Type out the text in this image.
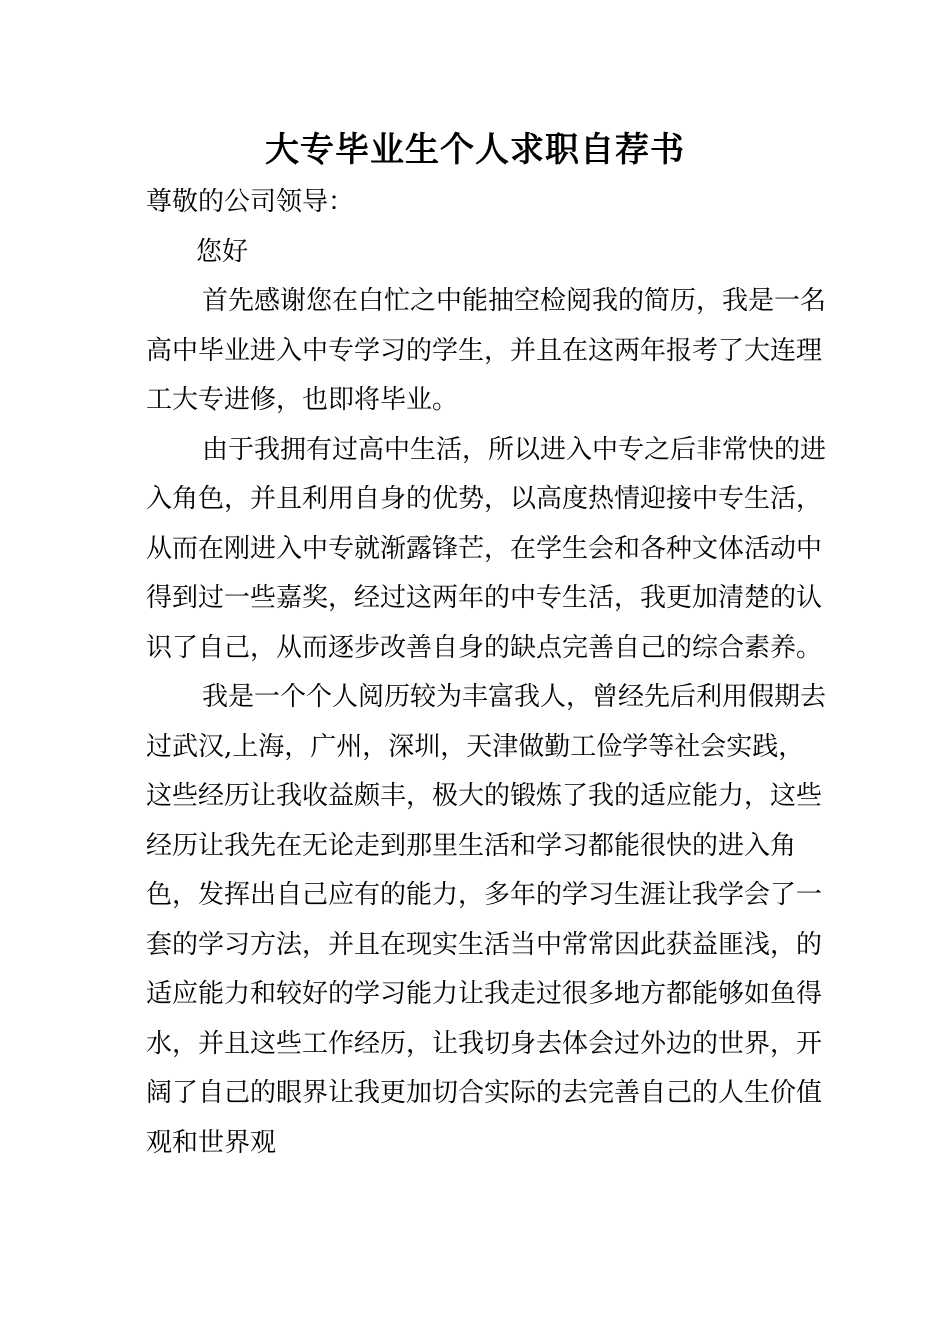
大专毕业生个人求职自荐书

尊敬的公司领导：

您好

首先感谢您在白忙之中能抽空检阅我的简历，我是一名高中毕业进入中专学习的学生，并且在这两年报考了大连理工大专进修，也即将毕业。

由于我拥有过高中生活，所以进入中专之后非常快的进入角色，并且利用自身的优势，以高度热情迎接中专生活，从而在刚进入中专就渐露锋芒，在学生会和各种文体活动中得到过一些嘉奖，经过这两年的中专生活，我更加清楚的认识了自己，从而逐步改善自身的缺点完善自己的综合素养。

我是一个个人阅历较为丰富我人，曾经先后利用假期去过武汉,上海，广州，深圳，天津做勤工俭学等社会实践，这些经历让我收益颇丰，极大的锻炼了我的适应能力，这些经历让我先在无论走到那里生活和学习都能很快的进入角色，发挥出自己应有的能力，多年的学习生涯让我学会了一套的学习方法，并且在现实生活当中常常因此获益匪浅，的适应能力和较好的学习能力让我走过很多地方都能够如鱼得水，并且这些工作经历，让我切身去体会过外边的世界，开阔了自己的眼界让我更加切合实际的去完善自己的人生价值观和世界观
